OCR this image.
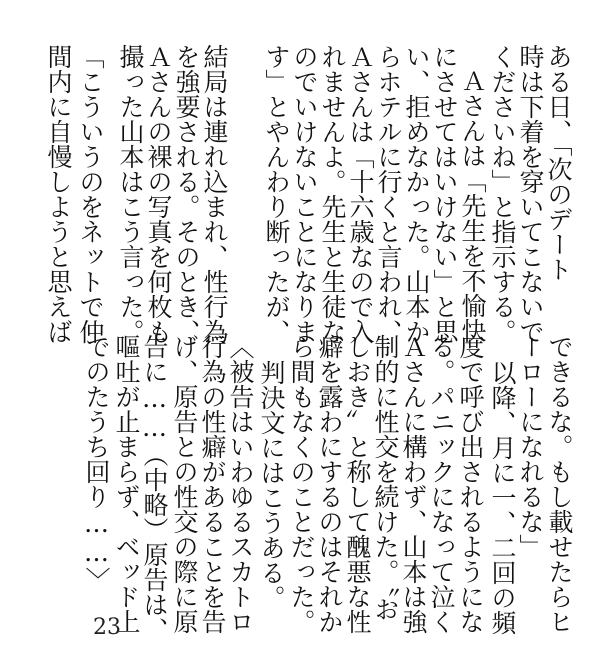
ある日、「次のデート
時は下着を穿いてこないで
くださいね」と指示する。
Ａさんは「先生を不愉快
にさせてはいけない」と思
い、拒めなかった。山本か
らホテルに行くと言われ、
Ａさんは「十六歳なので入
れませんよ。先生と生徒な
のでいけないことになりま
す」とやんわり断ったが、
結局は連れ込まれ、性行為
を強要される。そのとき、
Ａさんの裸の写真を何枚も
撮った山本はこう言った。
「こういうのをネットで仲
間内に自慢しようと思えば
できるな。もし載せたらヒ
ーローになれるな」
以降、月に一、二回の頻
度で呼び出されるようにな
る。パニックになって泣く
Ａさんに構わず、山本は強
制的に性交を続けた。〝お
しおき〟と称して醜悪な性
癖を露わにするのはそれか
ら間もなくのことだった。
判決文にはこうある。
〈被告はいわゆるスカトロ
行為の性癖があることを告
げ、原告との性交の際に原
告に……（中略）原告は、
嘔吐が止まらず、ベッド上
でのたうち回り……〉
23
